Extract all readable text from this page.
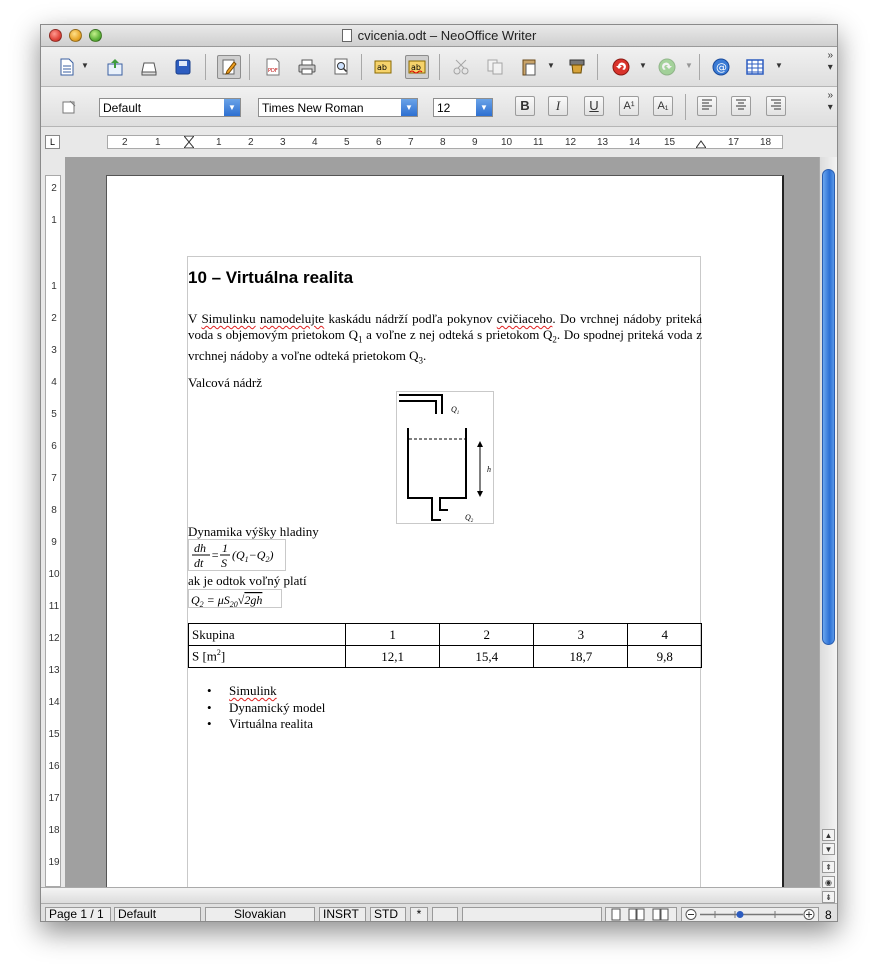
cvicenia.odt – NeoOffice Writer
▼
PDF	ab	ab	▼	▼	▼ @	▼
»
▾
Default	▼	Times New Roman	▼	12	▼	B	I	U	A¹	A₁
»
▾
L	2	1	1	2	3	4	5	6	7	8	9 10 11 12 13 14 15	17 18
2
1
1
2
3
4
5
6
7
8
9
10
11
12
13
14
15
16
17
18
19
10 – Virtuálna realita
V Simulinku namodelujte kaskádu nádrží podľa pokynov cvičiaceho. Do vrchnej nádoby priteká voda s objemovým prietokom $Q_1$ a voľne z nej odteká s prietokom $Q_2$. Do spodnej priteká voda z vrchnej nádoby a voľne odteká prietokom $Q_3$.
Valcová nádrž
$Q_1$
h
$Q_2$
Dynamika výšky hladiny
dh
dt
= 1
S
$(Q_1-Q_2)$
ak je odtok voľný platí
$Q_2 = \mu S_{20}√2gh$
Skupina	1	2	3	4
S $[m^2]$	12,1	15,4	18,7	9,8
• Simulink
• Dynamický model
• Virtuálna realita
▲
▼
⇞
◉
⇟
Page 1 / 1	Default	Slovakian	INSRT	STD	*	8
